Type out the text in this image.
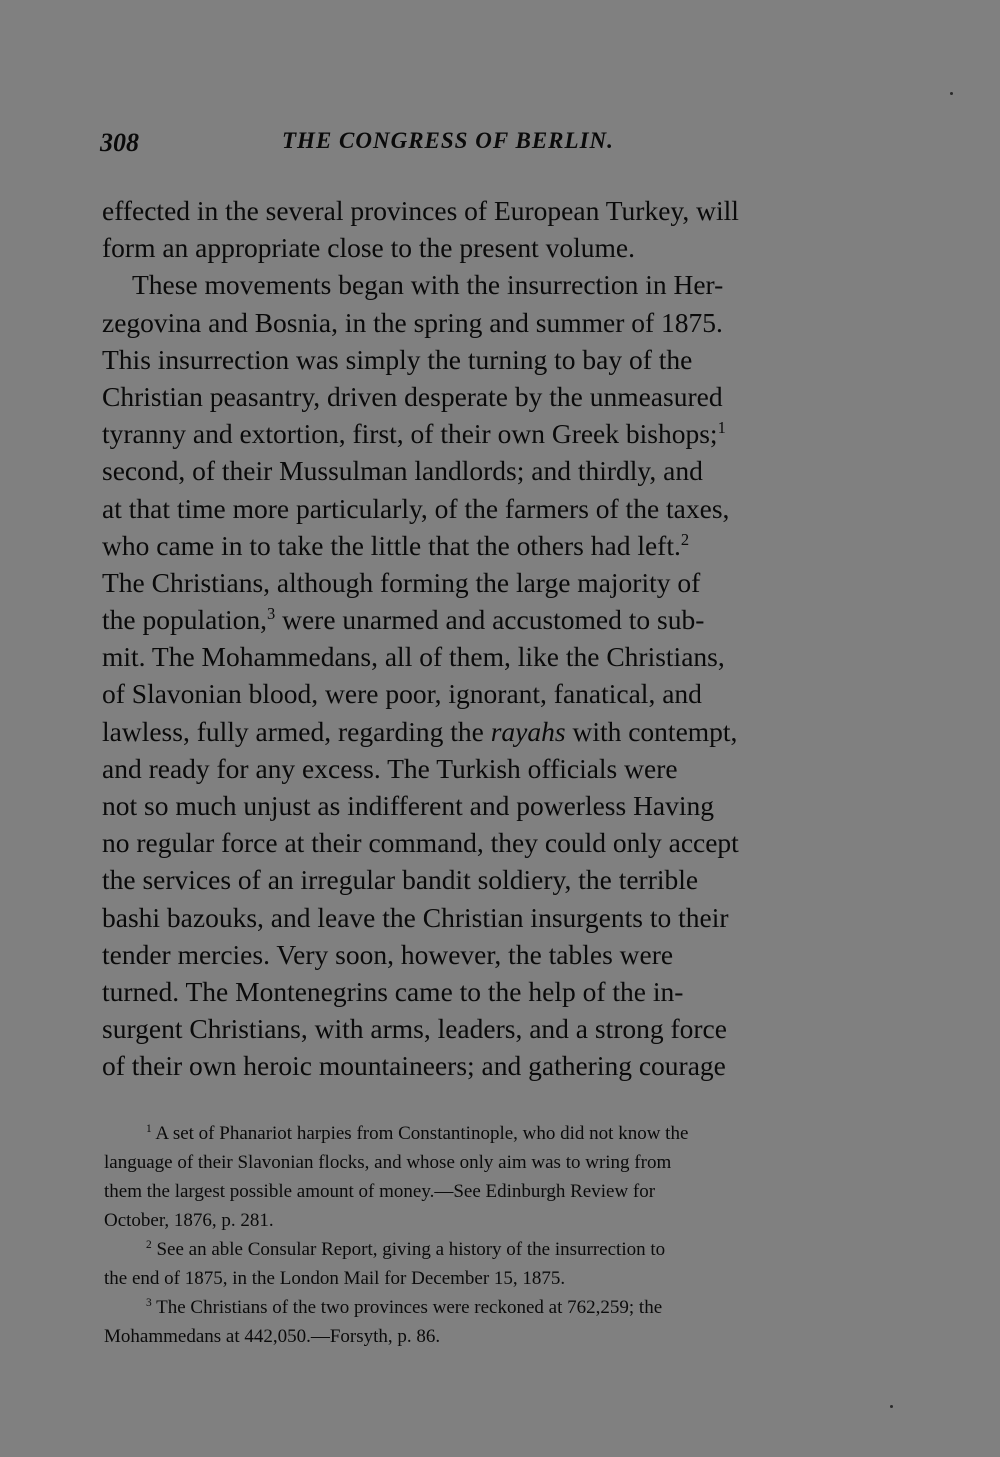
308	THE CONGRESS OF BERLIN.
effected in the several provinces of European Turkey, will
form an appropriate close to the present volume.
These movements began with the insurrection in Her-
zegovina and Bosnia, in the spring and summer of 1875.
This insurrection was simply the turning to bay of the
Christian peasantry, driven desperate by the unmeasured
tyranny and extortion, first, of their own Greek bishops;$^1$
second, of their Mussulman landlords; and thirdly, and
at that time more particularly, of the farmers of the taxes,
who came in to take the little that the others had left.$^2$
The Christians, although forming the large majority of
the population,$^3$ were unarmed and accustomed to sub-
mit. The Mohammedans, all of them, like the Christians,
of Slavonian blood, were poor, ignorant, fanatical, and
lawless, fully armed, regarding the rayahs with contempt,
and ready for any excess. The Turkish officials were
not so much unjust as indifferent and powerless Having
no regular force at their command, they could only accept
the services of an irregular bandit soldiery, the terrible
bashi bazouks, and leave the Christian insurgents to their
tender mercies. Very soon, however, the tables were
turned. The Montenegrins came to the help of the in-
surgent Christians, with arms, leaders, and a strong force
of their own heroic mountaineers; and gathering courage
$^1$ A set of Phanariot harpies from Constantinople, who did not know the
language of their Slavonian flocks, and whose only aim was to wring from
them the largest possible amount of money.—See Edinburgh Review for
October, 1876, p. 281.
$^2$ See an able Consular Report, giving a history of the insurrection to
the end of 1875, in the London Mail for December 15, 1875.
$^3$ The Christians of the two provinces were reckoned at 762,259; the
Mohammedans at 442,050.—Forsyth, p. 86.
